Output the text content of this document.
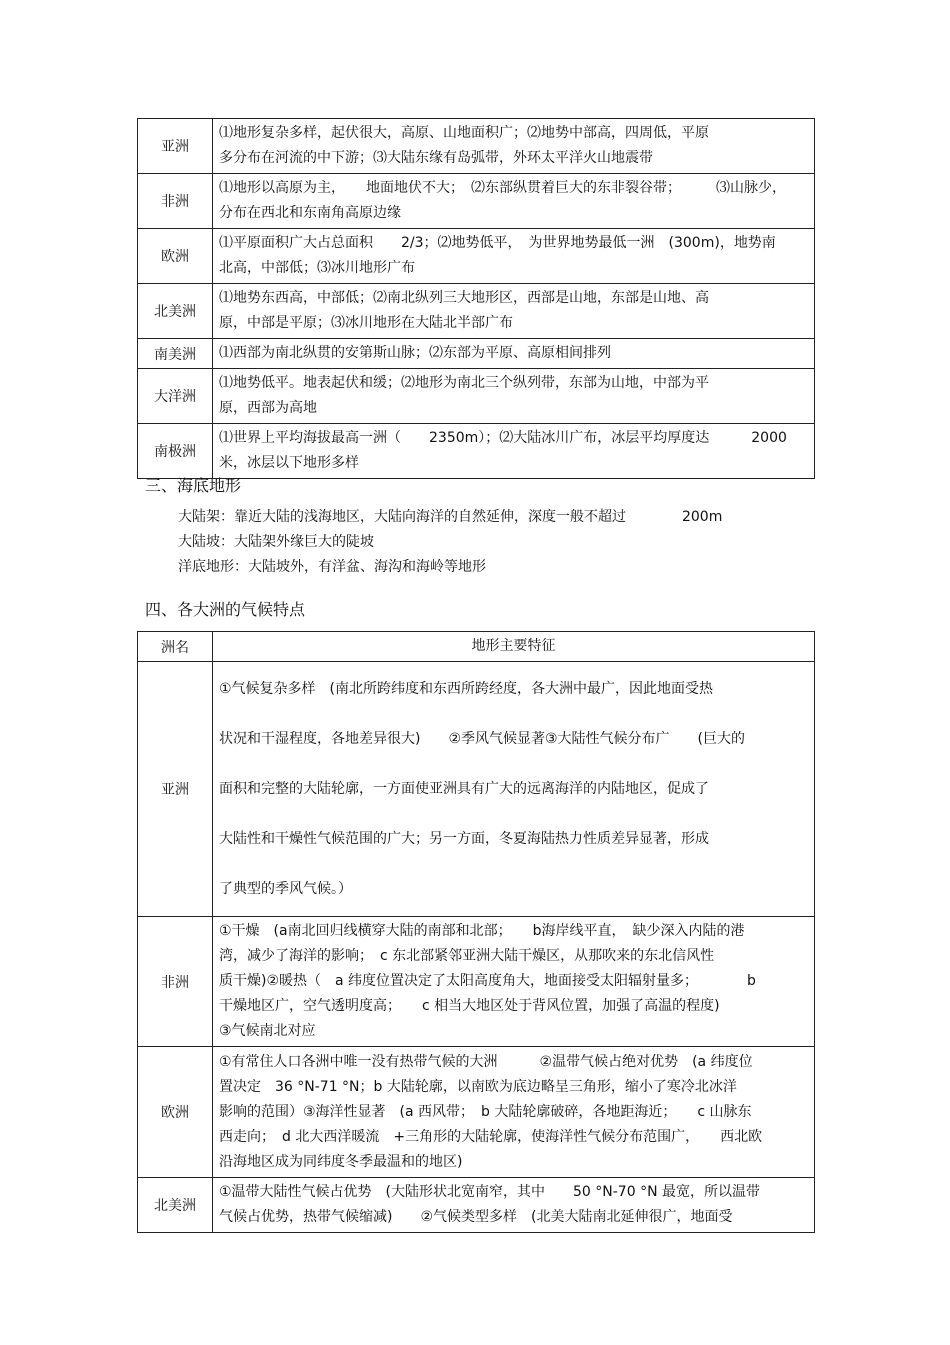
亚洲	⑴地形复杂多样，起伏很大，高原、山地面积广；⑵地势中部高，四周低，平原
多分布在河流的中下游；⑶大陆东缘有岛弧带，外环太平洋火山地震带

非洲	⑴地形以高原为主，　　地面地伏不大；　⑵东部纵贯着巨大的东非裂谷带；　　　⑶山脉少，
分布在西北和东南角高原边缘

欧洲	⑴平原面积广大占总面积　　2/3；⑵地势低平，　为世界地势最低一洲　(300m)，地势南
北高，中部低；⑶冰川地形广布

北美洲	⑴地势东西高，中部低；⑵南北纵列三大地形区，西部是山地，东部是山地、高
原，中部是平原；⑶冰川地形在大陆北半部广布

南美洲	⑴西部为南北纵贯的安第斯山脉；⑵东部为平原、高原相间排列

大洋洲	⑴地势低平。地表起伏和缓；⑵地形为南北三个纵列带，东部为山地，中部为平
原，西部为高地

南极洲	⑴世界上平均海拔最高一洲（　　2350m）；⑵大陆冰川广布，冰层平均厚度达　　　2000
米，冰层以下地形多样
三、海底地形
大陆架：靠近大陆的浅海地区，大陆向海洋的自然延伸，深度一般不超过　　　　200m
大陆坡：大陆架外缘巨大的陡坡
洋底地形：大陆坡外，有洋盆、海沟和海岭等地形
四、各大洲的气候特点
洲名	地形主要特征
亚洲	①气候复杂多样　(南北所跨纬度和东西所跨经度，各大洲中最广，因此地面受热
状况和干湿程度，各地差异很大)　　②季风气候显著③大陆性气候分布广　　(巨大的
面积和完整的大陆轮廓，一方面使亚洲具有广大的远离海洋的内陆地区，促成了
大陆性和干燥性气候范围的广大；另一方面，冬夏海陆热力性质差异显著，形成
了典型的季风气候。）

非洲	①干燥　(a南北回归线横穿大陆的南部和北部；　　b海岸线平直，　缺少深入内陆的港
湾，减少了海洋的影响；　c 东北部紧邻亚洲大陆干燥区，从那吹来的东北信风性
质干燥)②暖热（　a 纬度位置决定了太阳高度角大，地面接受太阳辐射量多；　　　　b
干燥地区广，空气透明度高；　　c 相当大地区处于背风位置，加强了高温的程度)
③气候南北对应

欧洲	①有常住人口各洲中唯一没有热带气候的大洲　　　②温带气候占绝对优势　(a 纬度位
置决定　36 °N-71 °N；b 大陆轮廓，以南欧为底边略呈三角形，缩小了寒冷北冰洋
影响的范围）③海洋性显著　(a 西风带；　b 大陆轮廓破碎，各地距海近；　　c 山脉东
西走向；　d 北大西洋暖流　+三角形的大陆轮廓，使海洋性气候分布范围广，　　西北欧
沿海地区成为同纬度冬季最温和的地区)

北美洲	①温带大陆性气候占优势　(大陆形状北宽南窄，其中　　50 °N-70 °N 最宽，所以温带
气候占优势，热带气候缩减)　　②气候类型多样　(北美大陆南北延伸很广，地面受
